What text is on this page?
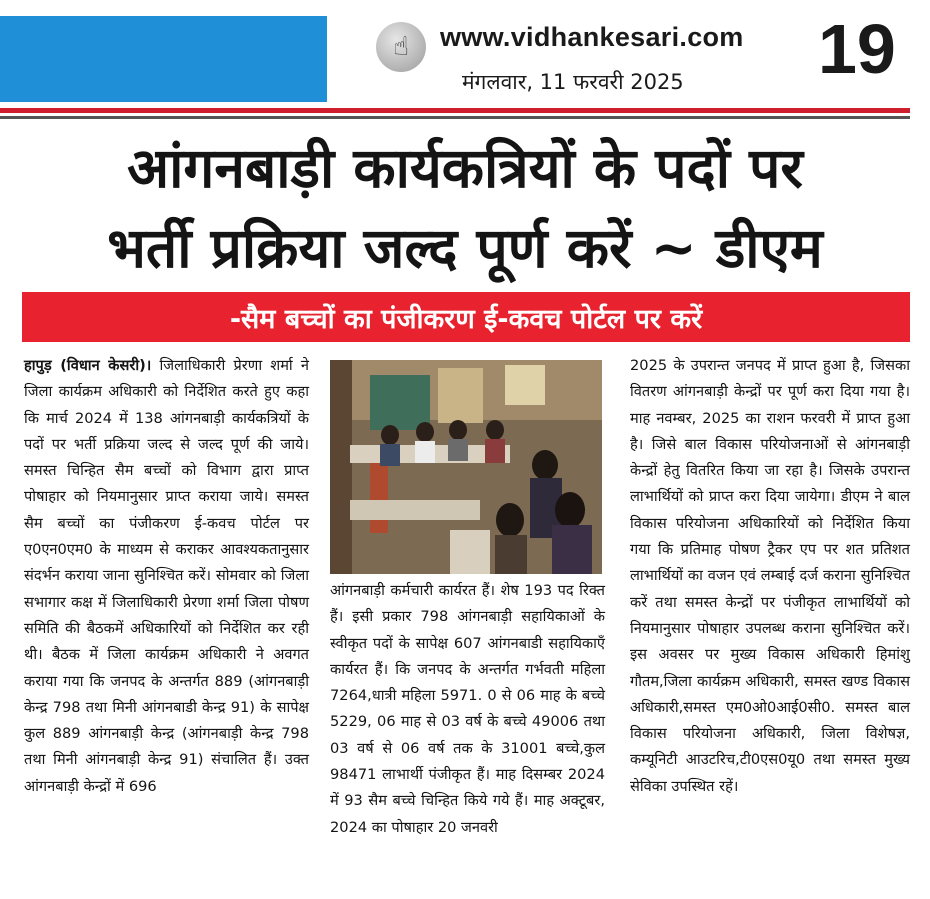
☝	www.vidhankesari.com
मंगलवार, 11 फरवरी 2025 19
आंगनबाड़ी कार्यकत्रियों के पदों पर
भर्ती प्रक्रिया जल्द पूर्ण करें ~ डीएम
-सैम बच्चों का पंजीकरण ई-कवच पोर्टल पर करें
हापुड़ (विधान केसरी)। जिलाधिकारी प्रेरणा शर्मा ने जिला कार्यक्रम अधिकारी को निर्देशित करते हुए कहा कि मार्च 2024 में 138 आंगनबाड़ी कार्यकत्रियों के पदों पर भर्ती प्रक्रिया जल्द से जल्द पूर्ण की जाये। समस्त चिन्हित सैम बच्चों को विभाग द्वारा प्राप्त पोषाहार को नियमानुसार प्राप्त कराया जाये। समस्त सैम बच्चों का पंजीकरण ई-कवच पोर्टल पर ए0एन0एम0 के माध्यम से कराकर आवश्यकतानुसार संदर्भन कराया जाना सुनिश्चित करें। सोमवार को जिला सभागार कक्ष में जिलाधिकारी प्रेरणा शर्मा जिला पोषण समिति की बैठकमें अधिकारियों को निर्देशित कर रही थी। बैठक में जिला कार्यक्रम अधिकारी ने अवगत कराया गया कि जनपद के अन्तर्गत 889 (आंगनबाड़ी केन्द्र 798 तथा मिनी आंगनबाडी केन्द्र 91) के सापेक्ष कुल 889 आंगनबाड़ी केन्द्र (आंगनबाड़ी केन्द्र 798 तथा मिनी आंगनबाड़ी केन्द्र 91) संचालित हैं। उक्त आंगनबाड़ी केन्द्रों में 696
आंगनबाड़ी कर्मचारी कार्यरत हैं। शेष 193 पद रिक्त हैं। इसी प्रकार 798 आंगनबाड़ी सहायिकाओं के स्वीकृत पदों के सापेक्ष 607 आंगनबाडी सहायिकाएँ कार्यरत हैं। कि जनपद के अन्तर्गत गर्भवती महिला 7264,धात्री महिला 5971. 0 से 06 माह के बच्चे 5229, 06 माह से 03 वर्ष के बच्चे 49006 तथा 03 वर्ष से 06 वर्ष तक के 31001 बच्चे,कुल 98471 लाभार्थी पंजीकृत हैं। माह दिसम्बर 2024 में 93 सैम बच्चे चिन्हित किये गये हैं। माह अक्टूबर, 2024 का पोषाहार 20 जनवरी
2025 के उपरान्त जनपद में प्राप्त हुआ है, जिसका वितरण आंगनबाड़ी केन्द्रों पर पूर्ण करा दिया गया है। माह नवम्बर, 2025 का राशन फरवरी में प्राप्त हुआ है। जिसे बाल विकास परियोजनाओं से आंगनबाड़ी केन्द्रों हेतु वितरित किया जा रहा है। जिसके उपरान्त लाभार्थियों को प्राप्त करा दिया जायेगा। डीएम ने बाल विकास परियोजना अधिकारियों को निर्देशित किया गया कि प्रतिमाह पोषण ट्रैकर एप पर शत प्रतिशत लाभार्थियों का वजन एवं लम्बाई दर्ज कराना सुनिश्चित करें तथा समस्त केन्द्रों पर पंजीकृत लाभार्थियों को नियमानुसार पोषाहार उपलब्ध कराना सुनिश्चित करें। इस अवसर पर मुख्य विकास अधिकारी हिमांशु गौतम,जिला कार्यक्रम अधिकारी, समस्त खण्ड विकास अधिकारी,समस्त एम0ओ0आई0सी0. समस्त बाल विकास परियोजना अधिकारी, जिला विशेषज्ञ, कम्यूनिटी आउटरिच,टी0एस0यू0 तथा समस्त मुख्य सेविका उपस्थित रहें।
